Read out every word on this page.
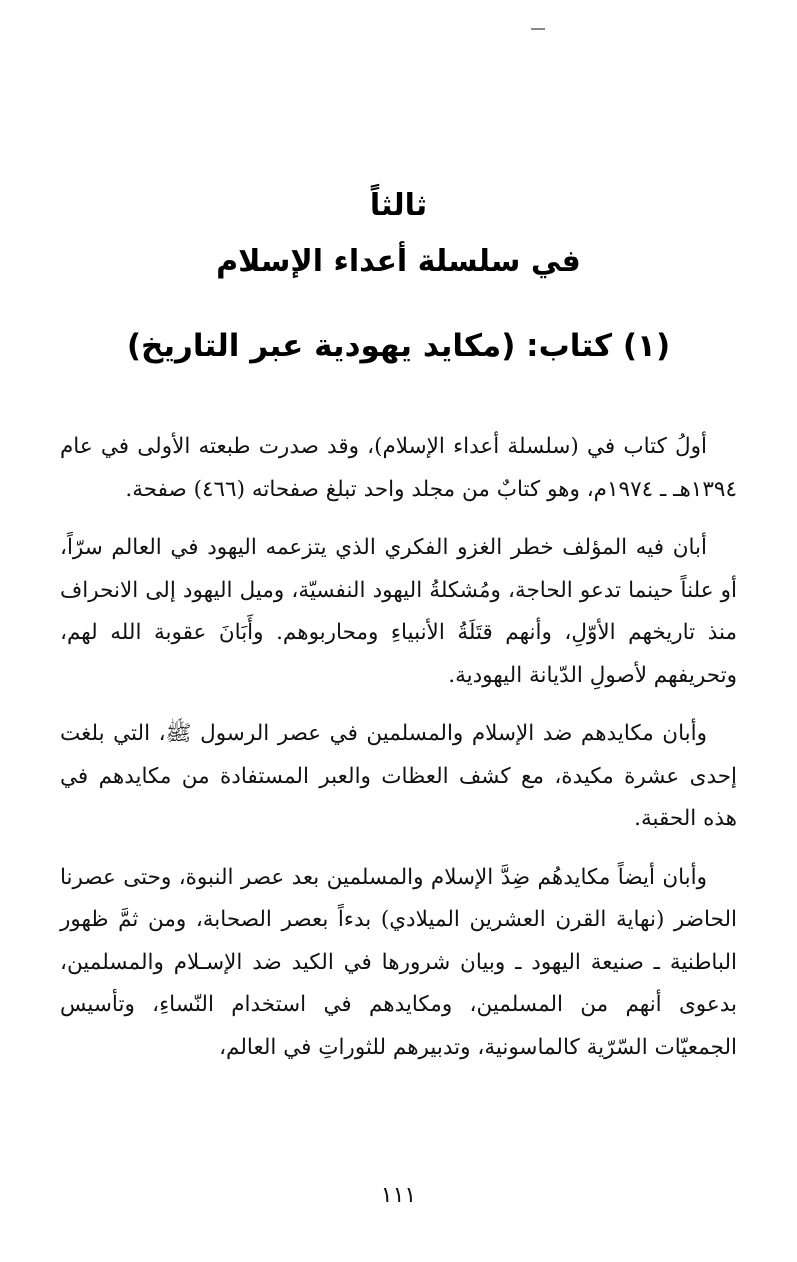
ثالثاً
في سلسلة أعداء الإسلام
(١) كتاب: (مكايد يهودية عبر التاريخ)

أولُ كتاب في (سلسلة أعداء الإسلام)، وقد صدرت طبعته الأولى في عام ١٣٩٤هـ ـ ١٩٧٤م، وهو كتابٌ من مجلد واحد تبلغ صفحاته (٤٦٦) صفحة.

أبان فيه المؤلف خطر الغزو الفكري الذي يتزعمه اليهود في العالم سرّاً، أو علناً حينما تدعو الحاجة، ومُشكلةُ اليهود النفسيّة، وميل اليهود إلى الانحراف منذ تاريخهم الأوّلِ، وأنهم قتَلَةُ الأنبياءِ ومحاربوهم. وأَبَانَ عقوبة الله لهم، وتحريفهم لأصولِ الدّيانة اليهودية.

وأبان مكايدهم ضد الإسلام والمسلمين في عصر الرسول ﷺ، التي بلغت إحدى عشرة مكيدة، مع كشف العظات والعبر المستفادة من مكايدهم في هذه الحقبة.

وأبان أيضاً مكايدهُم ضِدَّ الإسلام والمسلمين بعد عصر النبوة، وحتى عصرنا الحاضر (نهاية القرن العشرين الميلادي) بدءاً بعصر الصحابة، ومن ثمَّ ظهور الباطنية ـ صنيعة اليهود ـ وبيان شرورها في الكيد ضد الإسـلام والمسلمين، بدعوى أنهم من المسلمين، ومكايدهم في استخدام النّساءِ، وتأسيس الجمعيّات السّرّية كالماسونية، وتدبيرهم للثوراتِ في العالم،

١١١
